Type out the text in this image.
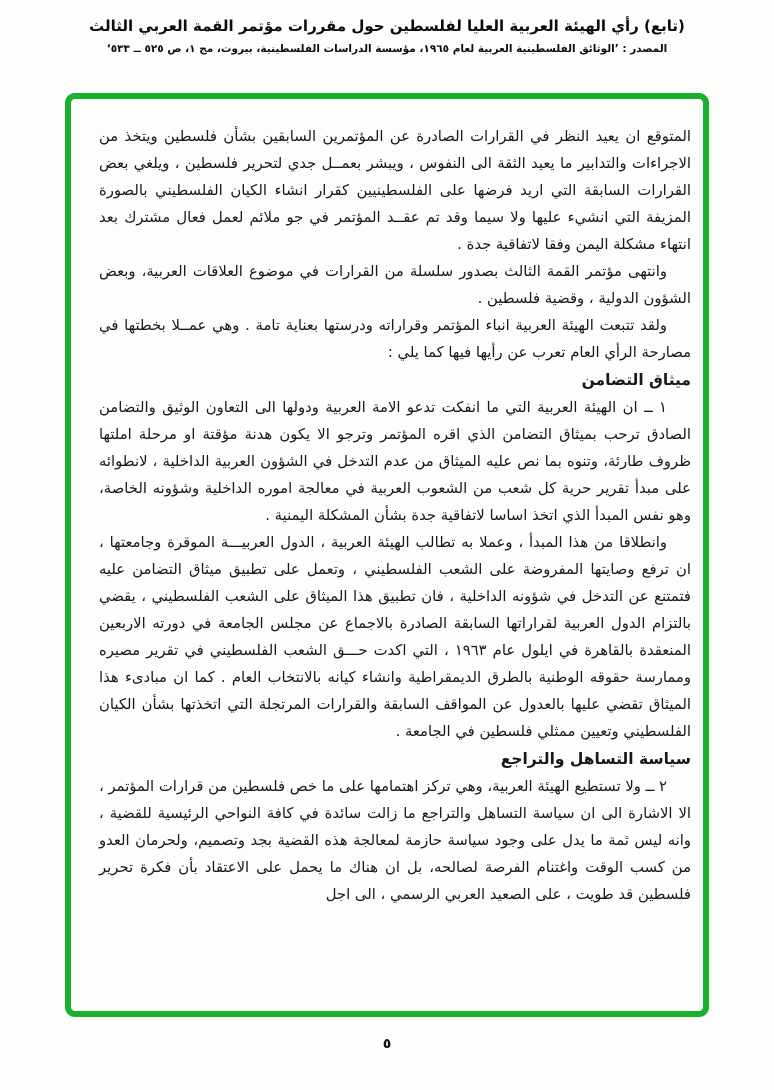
(تابع) رأي الهيئة العربية العليا لفلسطين حول مقررات مؤتمر القمة العربي الثالث
المصدر : ’الوثائق الفلسطينية العربية لعام ١٩٦٥، مؤسسة الدراسات الفلسطينية، بيروت، مج ١، ص ٥٢٥ ــ ٥٣٣‘

المتوقع ان يعيد النظر في القرارات الصادرة عن المؤتمرين السابقين بشأن فلسطين ويتخذ من الاجراءات والتدابير ما يعيد الثقة الى النفوس ، ويبشر بعمــل جدي لتحرير فلسطين ، ويلغي بعض القرارات السابقة التي اريد فرضها على الفلسطينيين كقرار انشاء الكيان الفلسطيني بالصورة المزيفة التي انشيء عليها ولا سيما وقد تم عقــد المؤتمر في جو ملائم لعمل فعال مشترك بعد انتهاء مشكلة اليمن وفقا لاتفاقية جدة .

وانتهى مؤتمر القمة الثالث بصدور سلسلة من القرارات في موضوع العلاقات العربية، وبعض الشؤون الدولية ، وقضية فلسطين .

ولقد تتبعت الهيئة العربية انباء المؤتمر وقراراته ودرستها بعناية تامة . وهي عمــلا بخطتها في مصارحة الرأي العام تعرب عن رأيها فيها كما يلي :

ميثاق التضامن

١ ــ ان الهيئة العربية التي ما انفكت تدعو الامة العربية ودولها الى التعاون الوثيق والتضامن الصادق ترحب بميثاق التضامن الذي اقره المؤتمر وترجو الا يكون هدنة مؤقتة او مرحلة املتها ظروف طارئة، وتنوه بما نص عليه الميثاق من عدم التدخل في الشؤون العربية الداخلية ، لانطوائه على مبدأ تقرير حرية كل شعب من الشعوب العربية في معالجة اموره الداخلية وشؤونه الخاصة، وهو نفس المبدأ الذي اتخذ اساسا لاتفاقية جدة بشأن المشكلة اليمنية .

وانطلاقا من هذا المبدأ ، وعملا به تطالب الهيئة العربية ، الدول العربيـــة الموقرة وجامعتها ، ان ترفع وصايتها المفروضة على الشعب الفلسطيني ، وتعمل على تطبيق ميثاق التضامن عليه فتمتنع عن التدخل في شؤونه الداخلية ، فان تطبيق هذا الميثاق على الشعب الفلسطيني ، يقضي بالتزام الدول العربية لقراراتها السابقة الصادرة بالاجماع عن مجلس الجامعة في دورته الاربعين المنعقدة بالقاهرة في ايلول عام ١٩٦٣ ، التي اكدت حـــق الشعب الفلسطيني في تقرير مصيره وممارسة حقوقه الوطنية بالطرق الديمقراطية وانشاء كيانه بالانتخاب العام . كما ان مبادىء هذا الميثاق تقضي عليها بالعدول عن المواقف السابقة والقرارات المرتجلة التي اتخذتها بشأن الكيان الفلسطيني وتعيين ممثلي فلسطين في الجامعة .

سياسة التساهل والتراجع

٢ ــ ولا تستطيع الهيئة العربية، وهي تركز اهتمامها على ما خص فلسطين من قرارات المؤتمر ، الا الاشارة الى ان سياسة التساهل والتراجع ما زالت سائدة في كافة النواحي الرئيسية للقضية ، وانه ليس ثمة ما يدل على وجود سياسة حازمة لمعالجة هذه القضية بجد وتصميم، ولحرمان العدو من كسب الوقت واغتنام الفرصة لصالحه، بل ان هناك ما يحمل على الاعتقاد بأن فكرة تحرير فلسطين قد طويت ، على الصعيد العربي الرسمي ، الى اجل

٥
